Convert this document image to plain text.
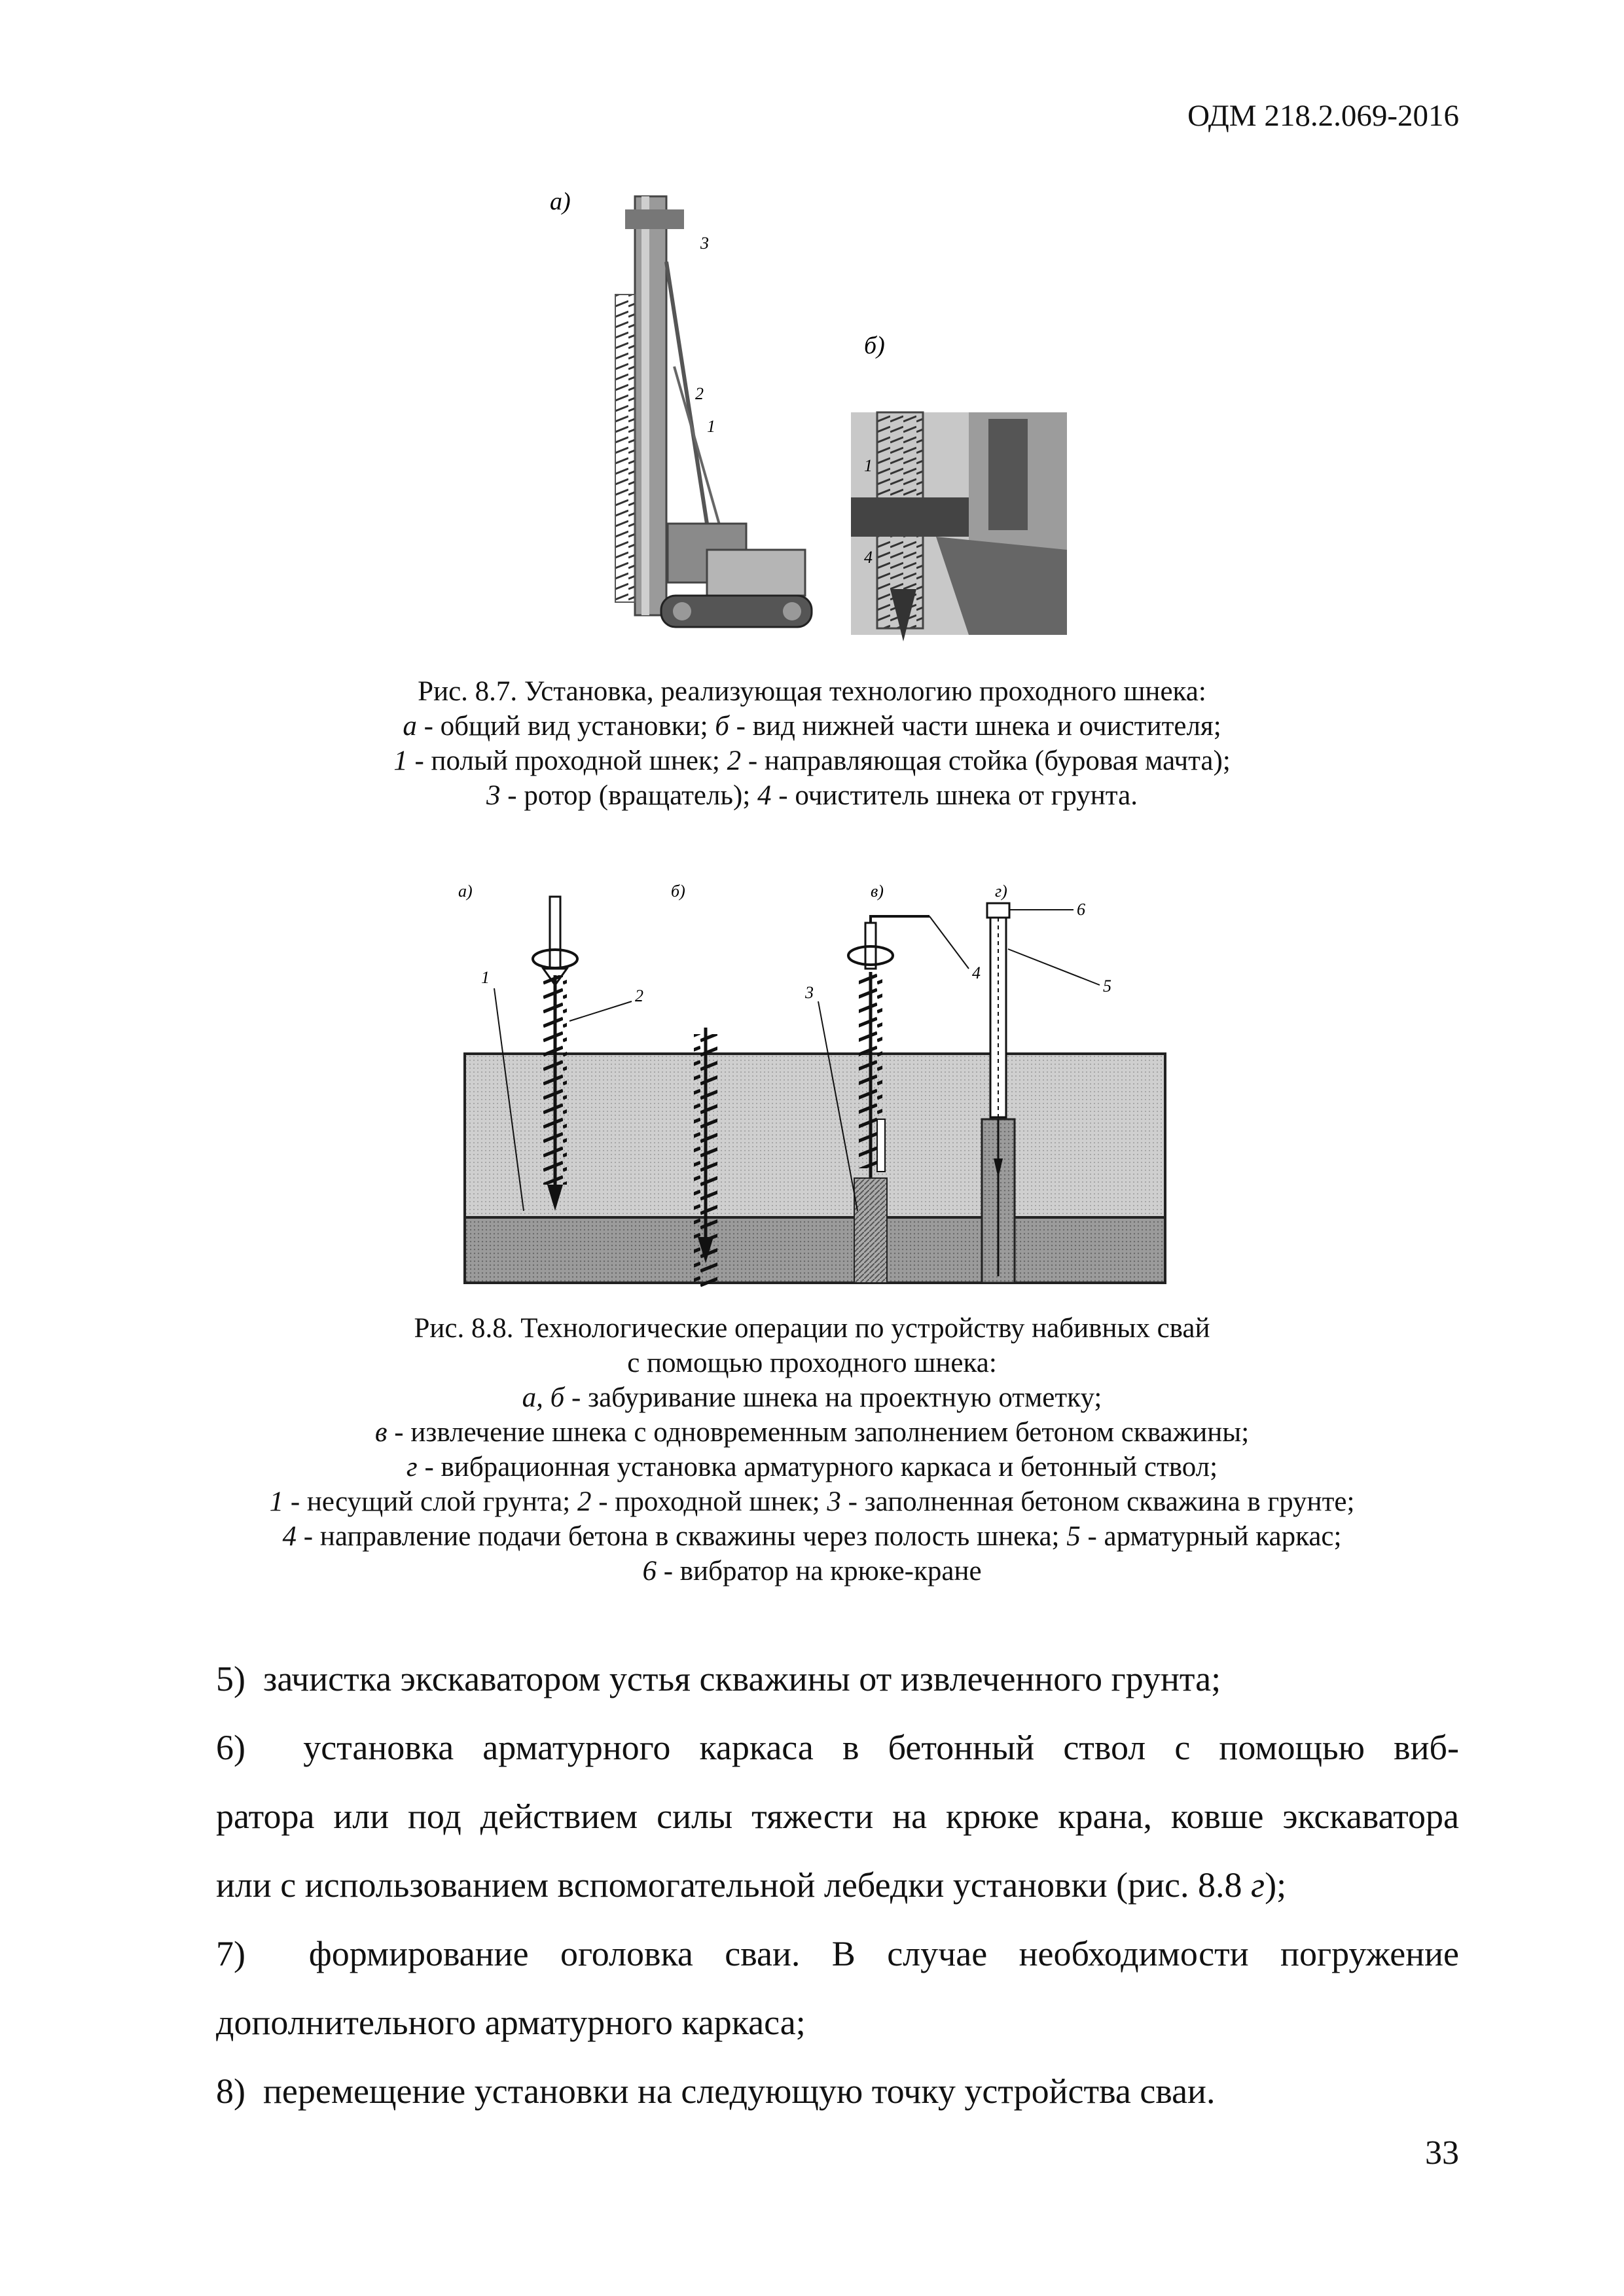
ОДМ 218.2.069-2016
а)
3
2
1
б)
1
4
Рис. 8.7. Установка, реализующая технологию проходного шнека:
а - общий вид установки; б - вид нижней части шнека и очистителя;
1 - полый проходной шнек; 2 - направляющая стойка (буровая мачта);
3 - ротор (вращатель); 4 - очиститель шнека от грунта.
а)	б)	в)	г)
1
2	3
4
5
6
Рис. 8.8. Технологические операции по устройству набивных свай
с помощью проходного шнека:
а, б - забуривание шнека на проектную отметку;
в - извлечение шнека с одновременным заполнением бетоном скважины;
г - вибрационная установка арматурного каркаса и бетонный ствол;
1 - несущий слой грунта; 2 - проходной шнек; 3 - заполненная бетоном скважина в грунте;
4 - направление подачи бетона в скважины через полость шнека; 5 - арматурный каркас;
6 - вибратор на крюке-кране
5)  зачистка экскаватором устья скважины от извлеченного грунта;
6)  установка арматурного каркаса в бетонный ствол с помощью виб-
ратора или под действием силы тяжести на крюке крана, ковше экскаватора
или с использованием вспомогательной лебедки установки (рис. 8.8 г);
7)  формирование оголовка сваи. В случае необходимости погружение
дополнительного арматурного каркаса;
8)  перемещение установки на следующую точку устройства сваи.
33
